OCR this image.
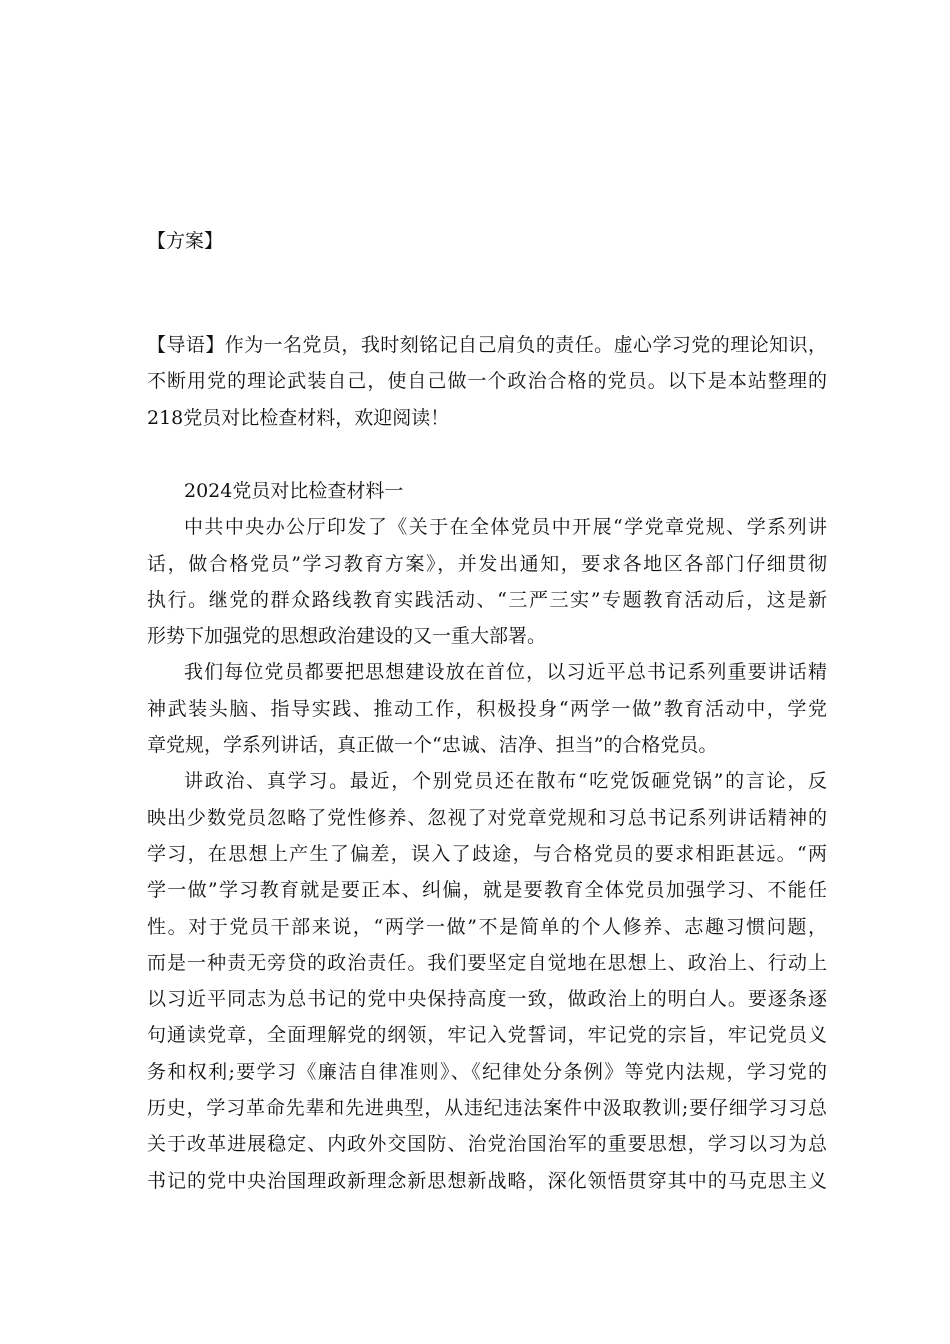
【方案】
【导语】作为一名党员，我时刻铭记自己肩负的责任。虚心学习党的理论知识，
不断用党的理论武装自己，使自己做一个政治合格的党员。以下是本站整理的
218党员对比检查材料，欢迎阅读！
2024党员对比检查材料一
中共中央办公厅印发了《关于在全体党员中开展“学党章党规、学系列讲
话，做合格党员”学习教育方案》，并发出通知，要求各地区各部门仔细贯彻
执行。继党的群众路线教育实践活动、“三严三实”专题教育活动后，这是新
形势下加强党的思想政治建设的又一重大部署。
我们每位党员都要把思想建设放在首位，以习近平总书记系列重要讲话精
神武装头脑、指导实践、推动工作，积极投身“两学一做”教育活动中，学党
章党规，学系列讲话，真正做一个“忠诚、洁净、担当”的合格党员。
讲政治、真学习。最近，个别党员还在散布“吃党饭砸党锅”的言论，反
映出少数党员忽略了党性修养、忽视了对党章党规和习总书记系列讲话精神的
学习，在思想上产生了偏差，误入了歧途，与合格党员的要求相距甚远。“两
学一做”学习教育就是要正本、纠偏，就是要教育全体党员加强学习、不能任
性。对于党员干部来说，“两学一做”不是简单的个人修养、志趣习惯问题，
而是一种责无旁贷的政治责任。我们要坚定自觉地在思想上、政治上、行动上
以习近平同志为总书记的党中央保持高度一致，做政治上的明白人。要逐条逐
句通读党章，全面理解党的纲领，牢记入党誓词，牢记党的宗旨，牢记党员义
务和权利;要学习《廉洁自律准则》、《纪律处分条例》等党内法规，学习党的
历史，学习革命先辈和先进典型，从违纪违法案件中汲取教训;要仔细学习习总
关于改革进展稳定、内政外交国防、治党治国治军的重要思想，学习以习为总
书记的党中央治国理政新理念新思想新战略，深化领悟贯穿其中的马克思主义
